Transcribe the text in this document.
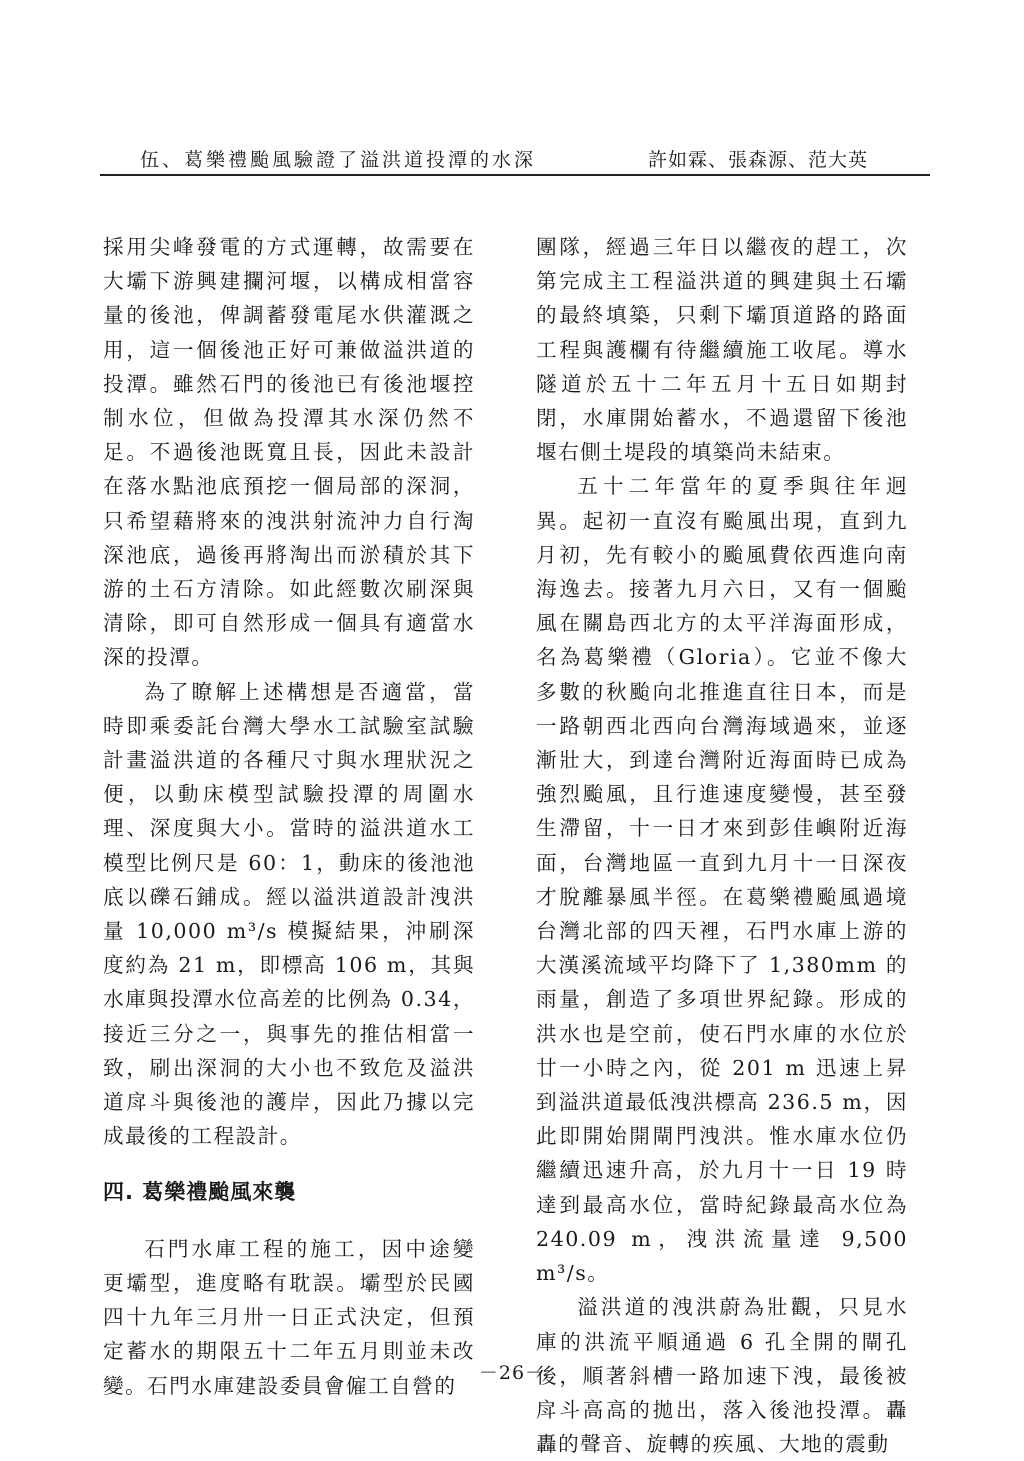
伍、葛樂禮颱風驗證了溢洪道投潭的水深	許如霖、張森源、范大英

採用尖峰發電的方式運轉，故需要在大壩下游興建攔河堰，以構成相當容量的後池，俾調蓄發電尾水供灌溉之用，這一個後池正好可兼做溢洪道的投潭。雖然石門的後池已有後池堰控制水位，但做為投潭其水深仍然不足。不過後池既寬且長，因此未設計在落水點池底預挖一個局部的深洞，只希望藉將來的洩洪射流沖力自行淘深池底，過後再將淘出而淤積於其下游的土石方清除。如此經數次刷深與清除，即可自然形成一個具有適當水深的投潭。

為了瞭解上述構想是否適當，當時即乘委託台灣大學水工試驗室試驗計畫溢洪道的各種尺寸與水理狀況之便，以動床模型試驗投潭的周圍水理、深度與大小。當時的溢洪道水工模型比例尺是 60：1，動床的後池池底以礫石鋪成。經以溢洪道設計洩洪量 10,000 m³/s 模擬結果，沖刷深度約為 21 m，即標高 106 m，其與水庫與投潭水位高差的比例為 0.34，接近三分之一，與事先的推估相當一致，刷出深洞的大小也不致危及溢洪道戽斗與後池的護岸，因此乃據以完成最後的工程設計。

四. 葛樂禮颱風來襲

石門水庫工程的施工，因中途變更壩型，進度略有耽誤。壩型於民國四十九年三月卅一日正式決定，但預定蓄水的期限五十二年五月則並未改變。石門水庫建設委員會僱工自營的

團隊，經過三年日以繼夜的趕工，次第完成主工程溢洪道的興建與土石壩的最終填築，只剩下壩頂道路的路面工程與護欄有待繼續施工收尾。導水隧道於五十二年五月十五日如期封閉，水庫開始蓄水，不過還留下後池堰右側土堤段的填築尚未結束。

五十二年當年的夏季與往年迥異。起初一直沒有颱風出現，直到九月初，先有較小的颱風費依西進向南海逸去。接著九月六日，又有一個颱風在關島西北方的太平洋海面形成，名為葛樂禮（Gloria）。它並不像大多數的秋颱向北推進直往日本，而是一路朝西北西向台灣海域過來，並逐漸壯大，到達台灣附近海面時已成為強烈颱風，且行進速度變慢，甚至發生滯留，十一日才來到彭佳嶼附近海面，台灣地區一直到九月十一日深夜才脫離暴風半徑。在葛樂禮颱風過境台灣北部的四天裡，石門水庫上游的大漢溪流域平均降下了 1,380mm 的雨量，創造了多項世界紀錄。形成的洪水也是空前，使石門水庫的水位於廿一小時之內，從 201 m 迅速上昇到溢洪道最低洩洪標高 236.5 m，因此即開始開閘門洩洪。惟水庫水位仍繼續迅速升高，於九月十一日 19 時達到最高水位，當時紀錄最高水位為 240.09 m，洩洪流量達 9,500 m³/s。

溢洪道的洩洪蔚為壯觀，只見水庫的洪流平順通過 6 孔全開的閘孔後，順著斜槽一路加速下洩，最後被戽斗高高的拋出，落入後池投潭。轟轟的聲音、旋轉的疾風、大地的震動

－26－
